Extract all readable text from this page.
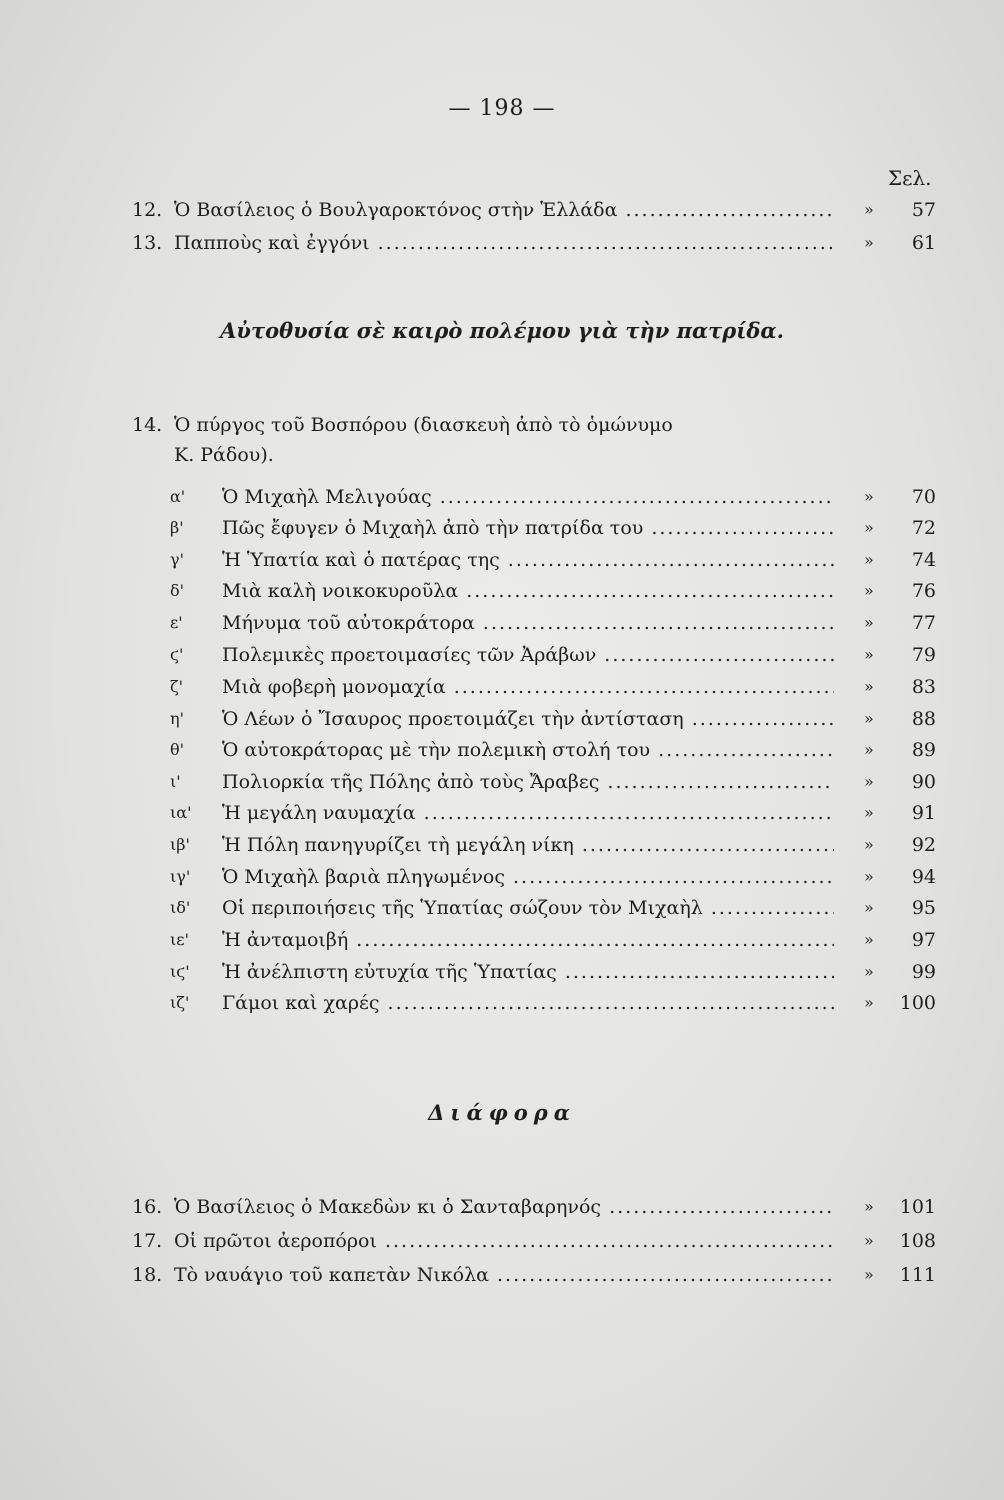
— 198 —
Σελ.
12. Ὁ Βασίλειος ὁ Βουλγαροκτόνος στὴν Ἑλλάδα .....	»	57
13. Παπποὺς καὶ ἐγγόνι .....	»	61
Αὐτοθυσία σὲ καιρὸ πολέμου γιὰ τὴν πατρίδα.
14. Ὁ πύργος τοῦ Βοσπόρου (διασκευὴ ἀπὸ τὸ ὁμώνυμο
Κ. Ράδου).
α' Ὁ Μιχαὴλ Μελιγούας .....	»	70
β' Πῶς ἔφυγεν ὁ Μιχαὴλ ἀπὸ τὴν πατρίδα του .....	»	72
γ' Ἡ Ὑπατία καὶ ὁ πατέρας της .....	»	74
δ' Μιὰ καλὴ νοικοκυροῦλα .....	»	76
ε' Μήνυμα τοῦ αὐτοκράτορα .....	»	77
ϛ' Πολεμικὲς προετοιμασίες τῶν Ἀράβων .....	»	79
ζ' Μιὰ φοβερὴ μονομαχία .....	»	83
η' Ὁ Λέων ὁ Ἴσαυρος προετοιμάζει τὴν ἀντίσταση .....	»	88
θ' Ὁ αὐτοκράτορας μὲ τὴν πολεμικὴ στολή του .....	»	89
ι' Πολιορκία τῆς Πόλης ἀπὸ τοὺς Ἄραβες .....	»	90
ια' Ἡ μεγάλη ναυμαχία .....	»	91
ιβ' Ἡ Πόλη πανηγυρίζει τὴ μεγάλη νίκη .....	»	92
ιγ' Ὁ Μιχαὴλ βαριὰ πληγωμένος .....	»	94
ιδ' Οἱ περιποιήσεις τῆς Ὑπατίας σώζουν τὸν Μιχαὴλ .....	»	95
ιε' Ἡ ἀνταμοιβή .....	»	97
ιϛ' Ἡ ἀνέλπιστη εὐτυχία τῆς Ὑπατίας .....	»	99
ιζ' Γάμοι καὶ χαρές .....	» 100
Διάφορα
16. Ὁ Βασίλειος ὁ Μακεδὼν κι ὁ Σανταβαρηνός .....	» 101
17. Οἱ πρῶτοι ἀεροπόροι .....	» 108
18. Τὸ ναυάγιο τοῦ καπετὰν Νικόλα .....	» 111
